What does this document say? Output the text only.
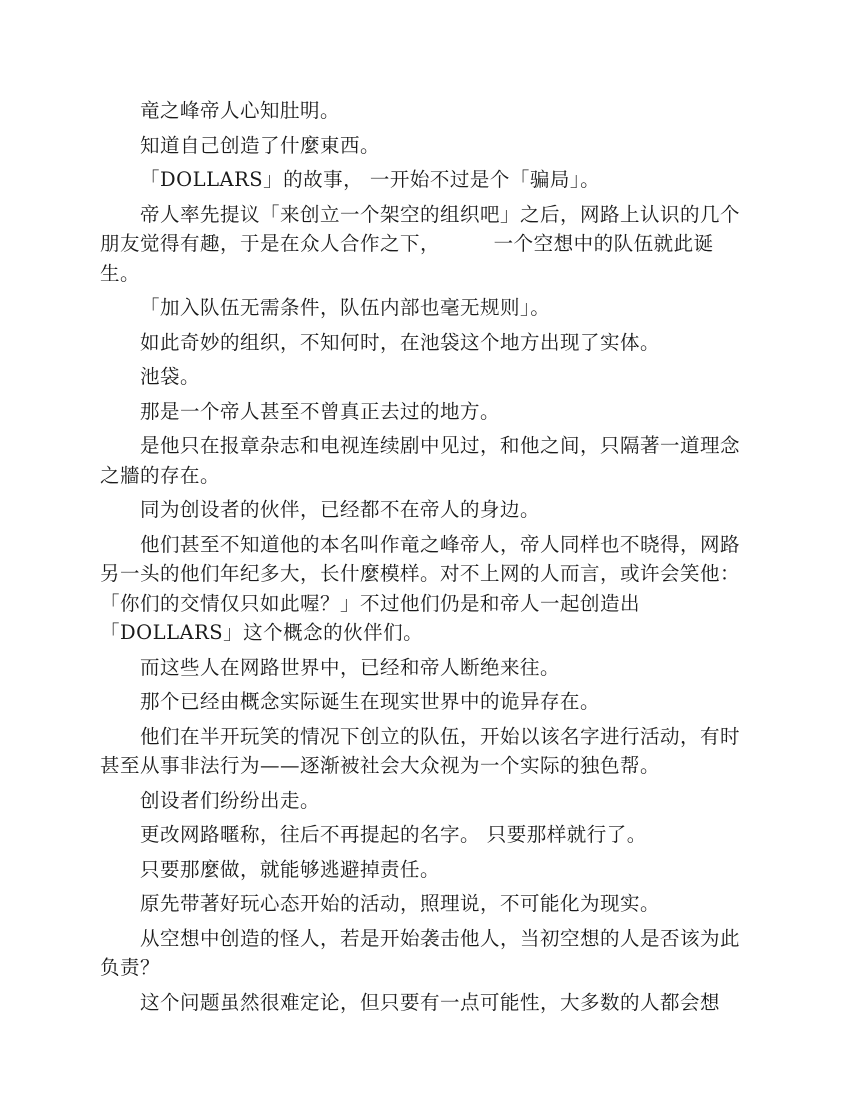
竜之峰帝人心知肚明。

知道自己创造了什麼東西。

「DOLLARS」的故事， 一开始不过是个「骗局」。

帝人率先提议「来创立一个架空的组织吧」之后，网路上认识的几个朋友觉得有趣，于是在众人合作之下，        一个空想中的队伍就此诞生。

「加入队伍无需条件，队伍内部也毫无规则」。

如此奇妙的组织，不知何时，在池袋这个地方出现了实体。

池袋。

那是一个帝人甚至不曾真正去过的地方。

是他只在报章杂志和电视连续剧中见过，和他之间，只隔著一道理念之牆的存在。

同为创设者的伙伴，已经都不在帝人的身边。

他们甚至不知道他的本名叫作竜之峰帝人，帝人同样也不晓得，网路另一头的他们年纪多大，长什麼模样。对不上网的人而言，或许会笑他：「你们的交情仅只如此喔？」不过他们仍是和帝人一起创造出「DOLLARS」这个概念的伙伴们。

而这些人在网路世界中，已经和帝人断绝来往。

那个已经由概念实际诞生在现实世界中的诡异存在。

他们在半开玩笑的情况下创立的队伍，开始以该名字进行活动，有时甚至从事非法行为——逐渐被社会大众视为一个实际的独色帮。

创设者们纷纷出走。

更改网路暱称，往后不再提起的名字。 只要那样就行了。

只要那麼做，就能够逃避掉责任。

原先带著好玩心态开始的活动，照理说，不可能化为现实。

从空想中创造的怪人，若是开始袭击他人，当初空想的人是否该为此负责？

这个问题虽然很难定论，但只要有一点可能性，大多数的人都会想
